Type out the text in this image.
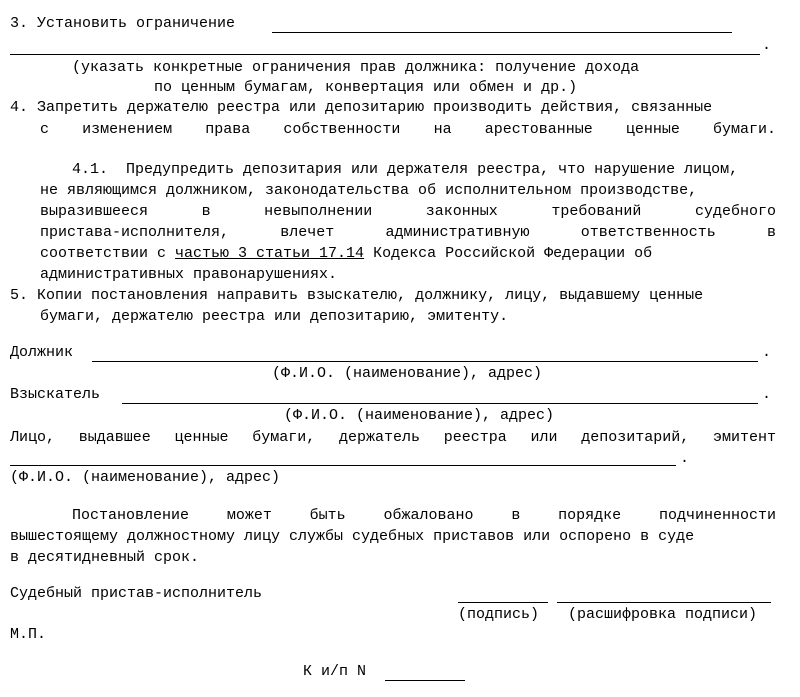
3. Установить ограничение
.
(указать конкретные ограничения прав должника: получение дохода
по ценным бумагам, конвертация или обмен и др.)
4. Запретить держателю реестра или депозитарию производить действия, связанные
с изменением права собственности на арестованные ценные бумаги.
4.1.  Предупредить депозитария или держателя реестра, что нарушение лицом,
не являющимся должником, законодательства об исполнительном производстве,
выразившееся в невыполнении законных требований судебного
пристава-исполнителя, влечет административную ответственность в
соответствии с частью 3 статьи 17.14 Кодекса Российской Федерации об
административных правонарушениях.
5. Копии постановления направить взыскателю, должнику, лицу, выдавшему ценные
бумаги, держателю реестра или депозитарию, эмитенту.
Должник	.
(Ф.И.О. (наименование), адрес)
Взыскатель	.
(Ф.И.О. (наименование), адрес)
Лицо, выдавшее ценные бумаги, держатель реестра или депозитарий, эмитент
.
(Ф.И.О. (наименование), адрес)
Постановление может быть обжаловано в порядке подчиненности
вышестоящему должностному лицу службы судебных приставов или оспорено в суде
в десятидневный срок.
Судебный пристав-исполнитель
(подпись) (расшифровка подписи)
М.П.
К и/п N
